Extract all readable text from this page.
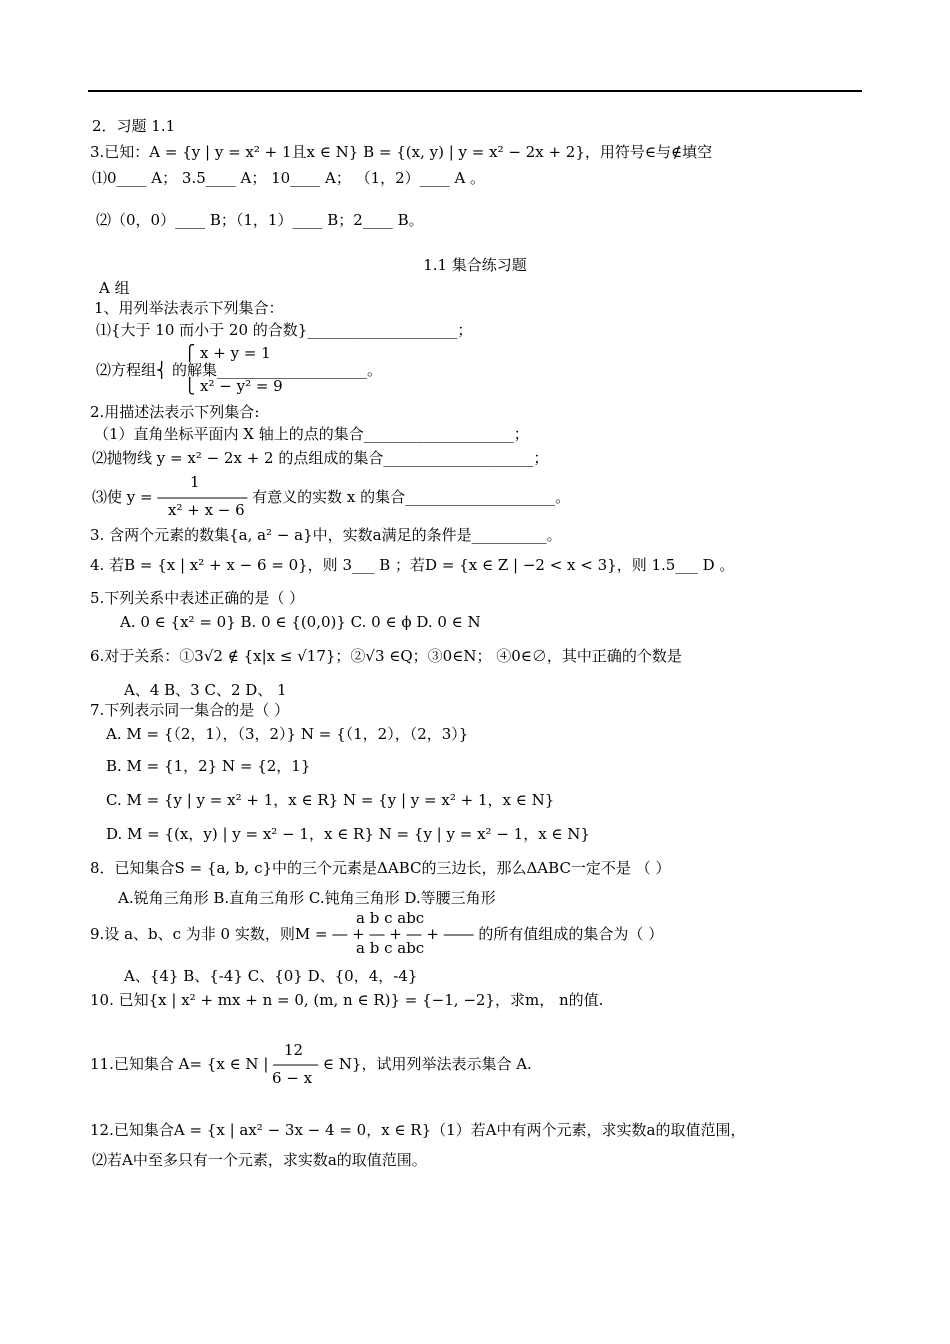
1.1 集合练习题
2．习题 1.1
3.已知：A = {y | y = x² + 1且x ∈ N} B = {(x, y) | y = x² − 2x + 2}，用符号∈与∉填空
⑴0____ A； 3.5____ A； 10____ A； （1，2）____ A 。
⑵（0，0）____ B；（1，1）____ B；2____ B。
A 组
1、用列举法表示下列集合：
⑴{大于 10 而小于 20 的合数}____________________；
⎧ x + y = 1
⑵方程组⎨ 的解集____________________。
⎩ x² − y² = 9
2.用描述法表示下列集合:
（1）直角坐标平面内 X 轴上的点的集合____________________；
⑵抛物线 y = x² − 2x + 2 的点组成的集合____________________；
1
⑶使 y = ―――――― 有意义的实数 x 的集合____________________。
x² + x − 6
3. 含两个元素的数集{a, a² − a}中，实数a满足的条件是__________。
4. 若B = {x | x² + x − 6 = 0}，则 3___ B ；若D = {x ∈ Z | −2 < x < 3}，则 1.5___ D 。
5.下列关系中表述正确的是（ ）
A. 0 ∈ {x² = 0} B. 0 ∈ {(0,0)} C. 0 ∈ ϕ D. 0 ∈ N
6.对于关系：①3√2 ∉ {x|x ≤ √17}；②√3 ∈Q；③0∈N； ④0∈∅，其中正确的个数是
A、4 B、3 C、2 D、 1
7.下列表示同一集合的是（ ）
A. M = {（2，1），（3，2）} N = {（1，2），（2，3）}
B. M = {1，2} N = {2，1}
C. M = {y | y = x² + 1，x ∈ R} N = {y | y = x² + 1，x ∈ N}
D. M = {(x，y) | y = x² − 1，x ∈ R} N = {y | y = x² − 1，x ∈ N}
8．已知集合S = {a, b, c}中的三个元素是ΔABC的三边长，那么ΔABC一定不是 （ ）
A.锐角三角形 B.直角三角形 C.钝角三角形 D.等腰三角形
a b c abc
9.设 a、b、c 为非 0 实数，则M = ― + ― + ― + ―― 的所有值组成的集合为（ ）
a b c abc
A、{4} B、{-4} C、{0} D、{0，4，-4}
10. 已知{x | x² + mx + n = 0, (m, n ∈ R)} = {−1, −2}，求m， n的值.
12
11.已知集合 A= {x ∈ N | ――― ∈ N}，试用列举法表示集合 A.
6 − x
12.已知集合A = {x | ax² − 3x − 4 = 0，x ∈ R}（1）若A中有两个元素，求实数a的取值范围，
⑵若A中至多只有一个元素，求实数a的取值范围。
